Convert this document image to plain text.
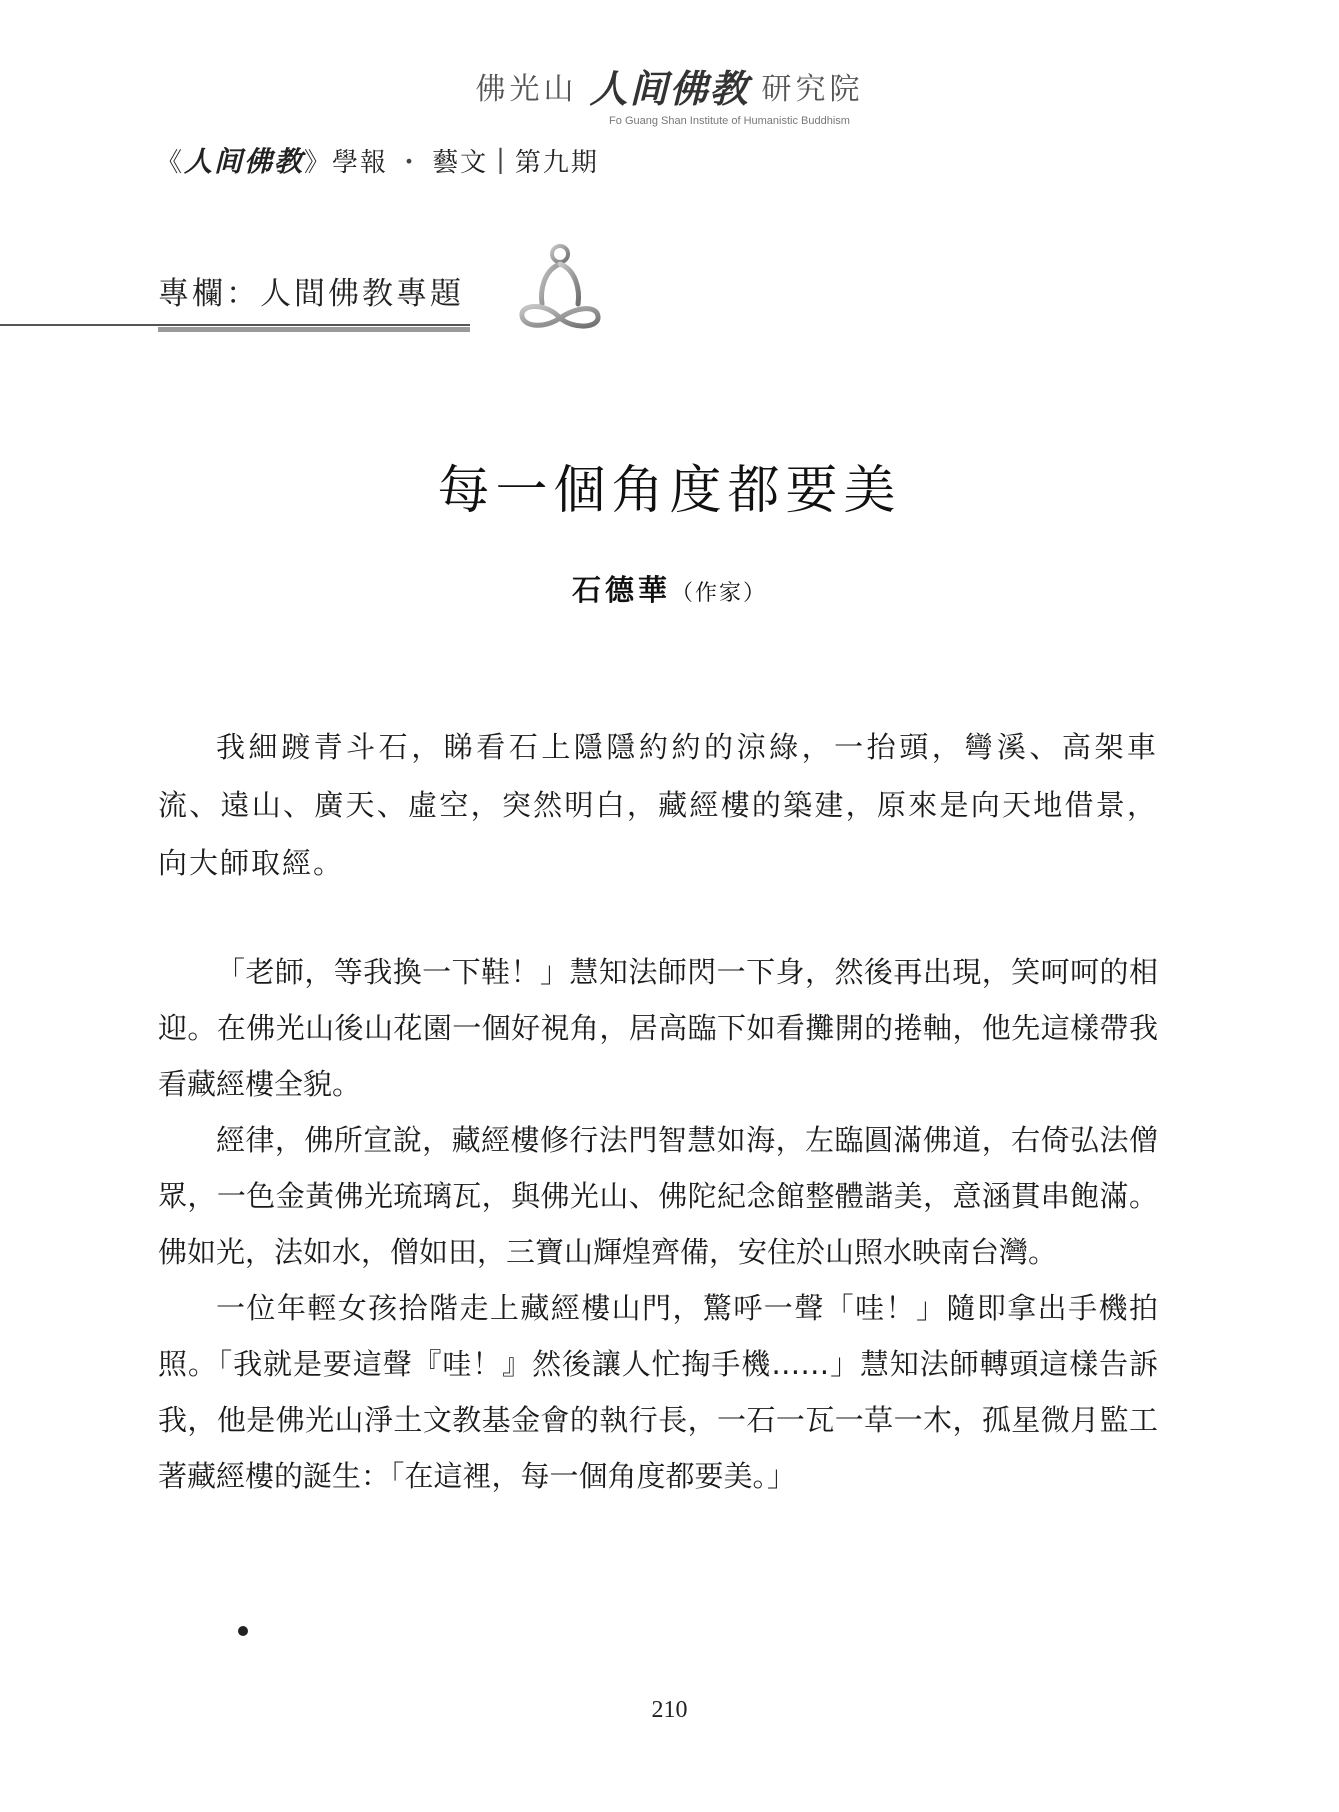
佛光山 人间佛教 研究院
Fo Guang Shan Institute of Humanistic Buddhism
《 人间佛教 》學報 ・ 藝文 | 第九期
專欄：人間佛教專題
每一個角度都要美
石德華（作家）

我細踱青斗石，睇看石上隱隱約約的涼綠，一抬頭，彎溪、高架車流、遠山、廣天、虛空，突然明白，藏經樓的築建，原來是向天地借景，向大師取經。

「老師，等我換一下鞋！」慧知法師閃一下身，然後再出現，笑呵呵的相迎。在佛光山後山花園一個好視角，居高臨下如看攤開的捲軸，他先這樣帶我看藏經樓全貌。

經律，佛所宣說，藏經樓修行法門智慧如海，左臨圓滿佛道，右倚弘法僧眾，一色金黃佛光琉璃瓦，與佛光山、佛陀紀念館整體諧美，意涵貫串飽滿。佛如光，法如水，僧如田，三寶山輝煌齊備，安住於山照水映南台灣。

一位年輕女孩拾階走上藏經樓山門，驚呼一聲「哇！」隨即拿出手機拍照。「我就是要這聲『哇！』然後讓人忙掏手機……」慧知法師轉頭這樣告訴我，他是佛光山淨土文教基金會的執行長，一石一瓦一草一木，孤星微月監工著藏經樓的誕生：「在這裡，每一個角度都要美。」

210
